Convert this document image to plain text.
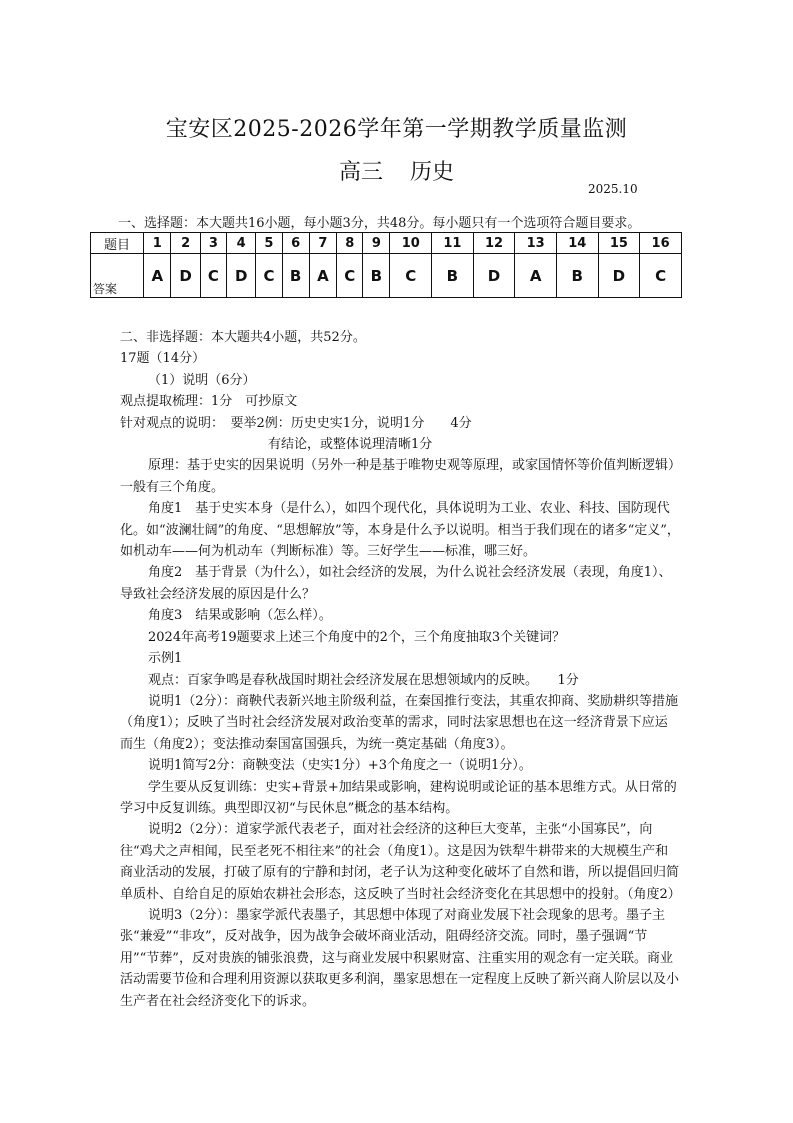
宝安区2025-2026学年第一学期教学质量监测
高三 历史
2025.10
一、选择题：本大题共16小题，每小题3分，共48分。每小题只有一个选项符合题目要求。
题目	1	2	3	4	5	6	7	8	9	10	11	12	13	14	15	16
答案	A	D	C	D	C	B	A	C	B	C	B	D	A	B	D	C

二、非选择题：本大题共4小题，共52分。

17题（14分）

（1）说明（6分）

观点提取梳理：1分　可抄原文

针对观点的说明：　要举2例：历史史实1分，说明1分　　4分

有结论，或整体说理清晰1分

原理：基于史实的因果说明（另外一种是基于唯物史观等原理，或家国情怀等价值判断逻辑）一般有三个角度。

角度1　基于史实本身（是什么），如四个现代化，具体说明为工业、农业、科技、国防现代化。如“波澜壮阔”的角度、“思想解放”等，本身是什么予以说明。相当于我们现在的诸多“定义”，如机动车——何为机动车（判断标准）等。三好学生——标准，哪三好。

角度2　基于背景（为什么），如社会经济的发展，为什么说社会经济发展（表现，角度1）、导致社会经济发展的原因是什么？

角度3　结果或影响（怎么样）。

2024年高考19题要求上述三个角度中的2个，三个角度抽取3个关键词？

示例1

观点：百家争鸣是春秋战国时期社会经济发展在思想领域内的反映。　　1分

说明1（2分）：商鞅代表新兴地主阶级利益，在秦国推行变法，其重农抑商、奖励耕织等措施（角度1）；反映了当时社会经济发展对政治变革的需求，同时法家思想也在这一经济背景下应运而生（角度2）；变法推动秦国富国强兵，为统一奠定基础（角度3）。

说明1简写2分：商鞅变法（史实1分）+3个角度之一（说明1分）。

学生要从反复训练：史实+背景+加结果或影响，建构说明或论证的基本思维方式。从日常的学习中反复训练。典型即汉初“与民休息”概念的基本结构。

说明2（2分）：道家学派代表老子，面对社会经济的这种巨大变革，主张“小国寡民”，向往“鸡犬之声相闻，民至老死不相往来”的社会（角度1）。这是因为铁犁牛耕带来的大规模生产和商业活动的发展，打破了原有的宁静和封闭，老子认为这种变化破坏了自然和谐，所以提倡回归简单质朴、自给自足的原始农耕社会形态，这反映了当时社会经济变化在其思想中的投射。（角度2）

说明3（2分）：墨家学派代表墨子，其思想中体现了对商业发展下社会现象的思考。墨子主张“兼爱”“非攻”，反对战争，因为战争会破坏商业活动，阻碍经济交流。同时，墨子强调“节用”“节葬”，反对贵族的铺张浪费，这与商业发展中积累财富、注重实用的观念有一定关联。商业活动需要节俭和合理利用资源以获取更多利润，墨家思想在一定程度上反映了新兴商人阶层以及小生产者在社会经济变化下的诉求。
